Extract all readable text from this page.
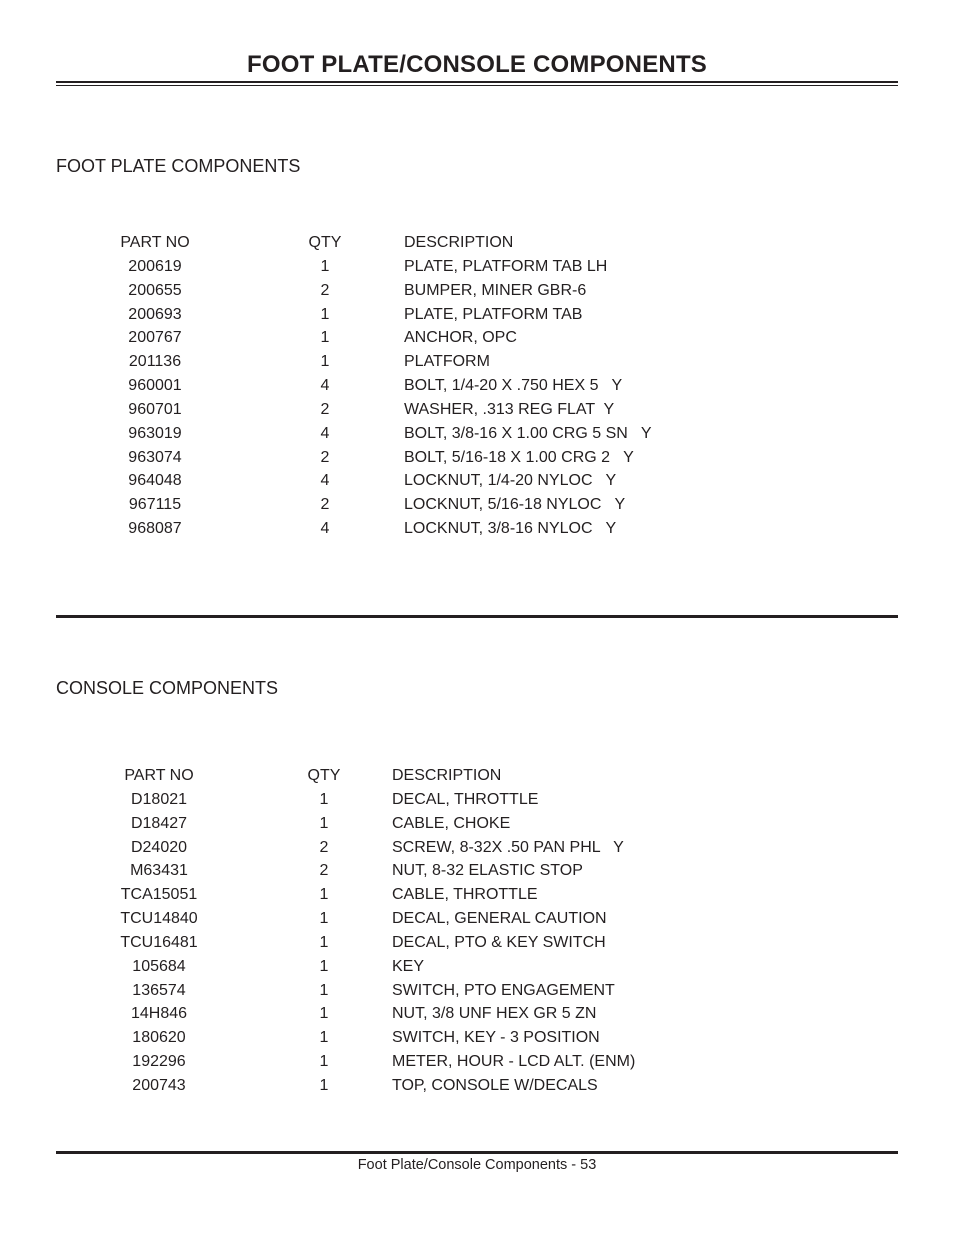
FOOT PLATE/CONSOLE COMPONENTS
FOOT PLATE COMPONENTS
PART NO	QTY	DESCRIPTION
200619	1	PLATE, PLATFORM TAB LH
200655	2	BUMPER, MINER GBR-6
200693	1	PLATE, PLATFORM TAB
200767	1	ANCHOR, OPC
201136	1	PLATFORM
960001	4	BOLT, 1/4-20 X .750 HEX 5   Y
960701	2	WASHER, .313 REG FLAT  Y
963019	4	BOLT, 3/8-16 X 1.00 CRG 5 SN   Y
963074	2	BOLT, 5/16-18 X 1.00 CRG 2   Y
964048	4	LOCKNUT, 1/4-20 NYLOC   Y
967115	2	LOCKNUT, 5/16-18 NYLOC   Y
968087	4	LOCKNUT, 3/8-16 NYLOC   Y
CONSOLE COMPONENTS
PART NO	QTY	DESCRIPTION
D18021	1	DECAL, THROTTLE
D18427	1	CABLE, CHOKE
D24020	2	SCREW, 8-32X .50 PAN PHL   Y
M63431	2	NUT, 8-32 ELASTIC STOP
TCA15051	1	CABLE, THROTTLE
TCU14840	1	DECAL, GENERAL CAUTION
TCU16481	1	DECAL, PTO & KEY SWITCH
105684	1	KEY
136574	1	SWITCH, PTO ENGAGEMENT
14H846	1	NUT, 3/8 UNF HEX GR 5 ZN
180620	1	SWITCH, KEY - 3 POSITION
192296	1	METER, HOUR - LCD ALT. (ENM)
200743	1	TOP, CONSOLE W/DECALS
Foot Plate/Console Components - 53
